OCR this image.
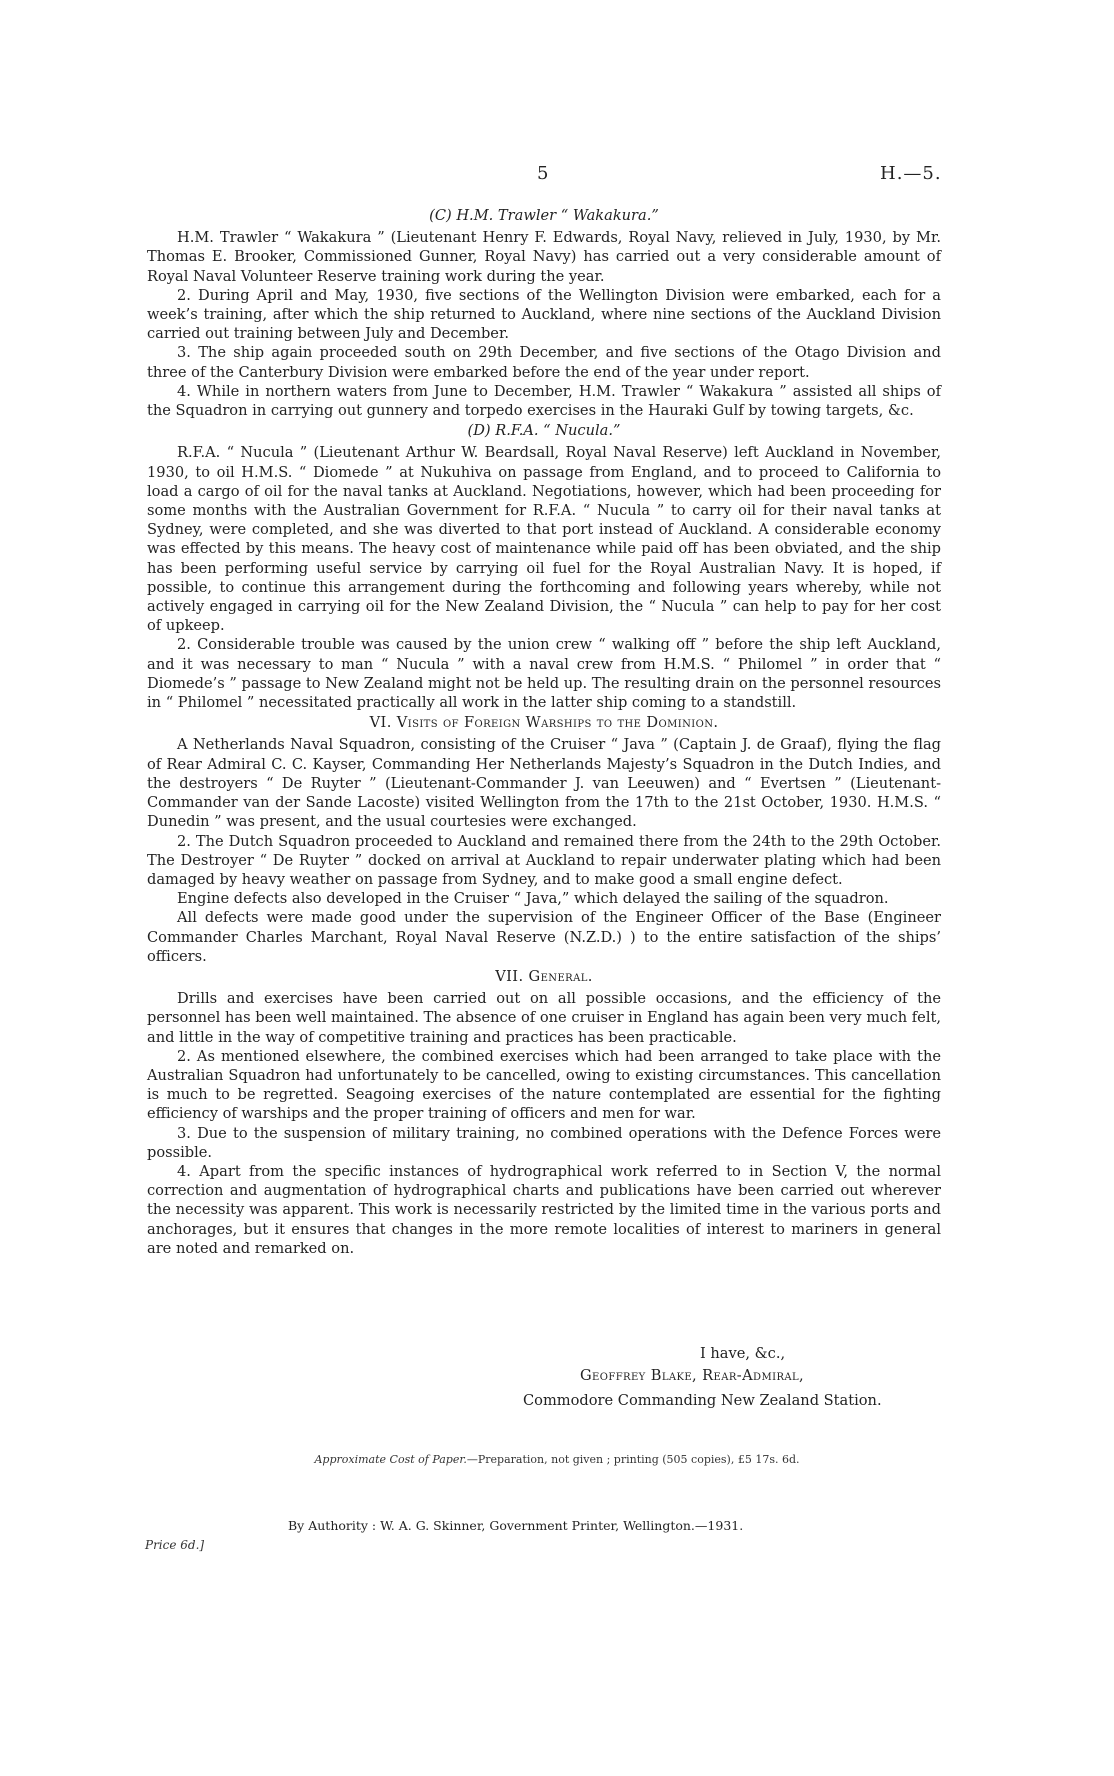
5	H.—5.

(C) H.M. Trawler “ Wakakura.”

H.M. Trawler “ Wakakura ” (Lieutenant Henry F. Edwards, Royal Navy, relieved in July, 1930, by Mr. Thomas E. Brooker, Commissioned Gunner, Royal Navy) has carried out a very considerable amount of Royal Naval Volunteer Reserve training work during the year.

2. During April and May, 1930, five sections of the Wellington Division were embarked, each for a week’s training, after which the ship returned to Auckland, where nine sections of the Auckland Division carried out training between July and December.

3. The ship again proceeded south on 29th December, and five sections of the Otago Division and three of the Canterbury Division were embarked before the end of the year under report.

4. While in northern waters from June to December, H.M. Trawler “ Wakakura ” assisted all ships of the Squadron in carrying out gunnery and torpedo exercises in the Hauraki Gulf by towing targets, &c.

(D) R.F.A. “ Nucula.”

R.F.A. “ Nucula ” (Lieutenant Arthur W. Beardsall, Royal Naval Reserve) left Auckland in November, 1930, to oil H.M.S. “ Diomede ” at Nukuhiva on passage from England, and to proceed to California to load a cargo of oil for the naval tanks at Auckland. Negotiations, however, which had been proceeding for some months with the Australian Government for R.F.A. “ Nucula ” to carry oil for their naval tanks at Sydney, were completed, and she was diverted to that port instead of Auckland. A considerable economy was effected by this means. The heavy cost of maintenance while paid off has been obviated, and the ship has been performing useful service by carrying oil fuel for the Royal Australian Navy. It is hoped, if possible, to continue this arrangement during the forthcoming and following years whereby, while not actively engaged in carrying oil for the New Zealand Division, the “ Nucula ” can help to pay for her cost of upkeep.

2. Considerable trouble was caused by the union crew “ walking off ” before the ship left Auckland, and it was necessary to man “ Nucula ” with a naval crew from H.M.S. “ Philomel ” in order that “ Diomede’s ” passage to New Zealand might not be held up. The resulting drain on the personnel resources in “ Philomel ” necessitated practically all work in the latter ship coming to a standstill.

VI. Visits of Foreign Warships to the Dominion.

A Netherlands Naval Squadron, consisting of the Cruiser “ Java ” (Captain J. de Graaf), flying the flag of Rear Admiral C. C. Kayser, Commanding Her Netherlands Majesty’s Squadron in the Dutch Indies, and the destroyers “ De Ruyter ” (Lieutenant-Commander J. van Leeuwen) and “ Evertsen ” (Lieutenant-Commander van der Sande Lacoste) visited Wellington from the 17th to the 21st October, 1930. H.M.S. “ Dunedin ” was present, and the usual courtesies were exchanged.

2. The Dutch Squadron proceeded to Auckland and remained there from the 24th to the 29th October. The Destroyer “ De Ruyter ” docked on arrival at Auckland to repair underwater plating which had been damaged by heavy weather on passage from Sydney, and to make good a small engine defect.

Engine defects also developed in the Cruiser “ Java,” which delayed the sailing of the squadron.

All defects were made good under the supervision of the Engineer Officer of the Base (Engineer Commander Charles Marchant, Royal Naval Reserve (N.Z.D.) ) to the entire satisfaction of the ships’ officers.

VII. General.

Drills and exercises have been carried out on all possible occasions, and the efficiency of the personnel has been well maintained. The absence of one cruiser in England has again been very much felt, and little in the way of competitive training and practices has been practicable.

2. As mentioned elsewhere, the combined exercises which had been arranged to take place with the Australian Squadron had unfortunately to be cancelled, owing to existing circumstances. This cancellation is much to be regretted. Seagoing exercises of the nature contemplated are essential for the fighting efficiency of warships and the proper training of officers and men for war.

3. Due to the suspension of military training, no combined operations with the Defence Forces were possible.

4. Apart from the specific instances of hydrographical work referred to in Section V, the normal correction and augmentation of hydrographical charts and publications have been carried out wherever the necessity was apparent. This work is necessarily restricted by the limited time in the various ports and anchorages, but it ensures that changes in the more remote localities of interest to mariners in general are noted and remarked on.

I have, &c.,
Geoffrey Blake, Rear-Admiral,
Commodore Commanding New Zealand Station.
Approximate Cost of Paper.—Preparation, not given ; printing (505 copies), £5 17s. 6d.
By Authority : W. A. G. Skinner, Government Printer, Wellington.—1931.
Price 6d.]
